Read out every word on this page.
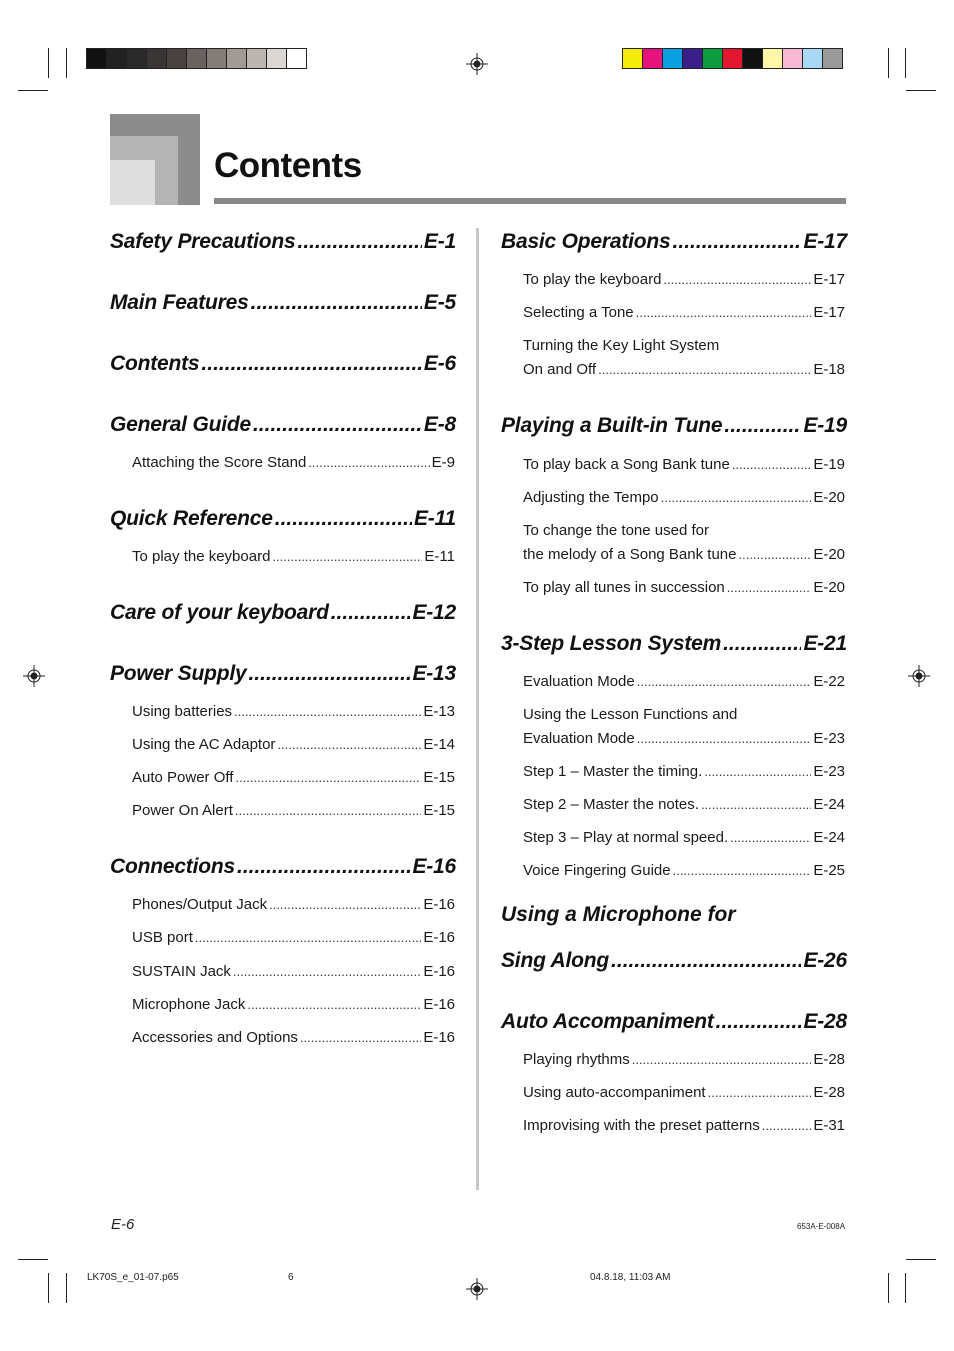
Contents
Safety Precautions .....	E-1
Main Features .....	E-5
Contents .....	E-6
General Guide .....	E-8
Attaching the Score Stand .....	E-9
Quick Reference .....	E-11
To play the keyboard .....	E-11
Care of your keyboard .....	E-12
Power Supply .....	E-13
Using batteries .....	E-13
Using the AC Adaptor .....	E-14
Auto Power Off .....	E-15
Power On Alert .....	E-15
Connections .....	E-16
Phones/Output Jack .....	E-16
USB port .....	E-16
SUSTAIN Jack .....	E-16
Microphone Jack .....	E-16
Accessories and Options .....	E-16
Basic Operations .....	E-17
To play the keyboard .....	E-17
Selecting a Tone .....	E-17
Turning the Key Light System
On and Off .....	E-18
Playing a Built-in Tune .....	E-19
To play back a Song Bank tune .....	E-19
Adjusting the Tempo .....	E-20
To change the tone used for
the melody of a Song Bank tune .....	E-20
To play all tunes in succession .....	E-20
3-Step Lesson System .....	E-21
Evaluation Mode .....	E-22
Using the Lesson Functions and
Evaluation Mode .....	E-23
Step 1 – Master the timing. .....	E-23
Step 2 – Master the notes. .....	E-24
Step 3 – Play at normal speed. .....	E-24
Voice Fingering Guide .....	E-25
Using a Microphone for
Sing Along .....	E-26
Auto Accompaniment .....	E-28
Playing rhythms .....	E-28
Using auto-accompaniment .....	E-28
Improvising with the preset patterns .....	E-31
E-6	653A-E-008A
LK70S_e_01-07.p65	6	04.8.18, 11:03 AM
